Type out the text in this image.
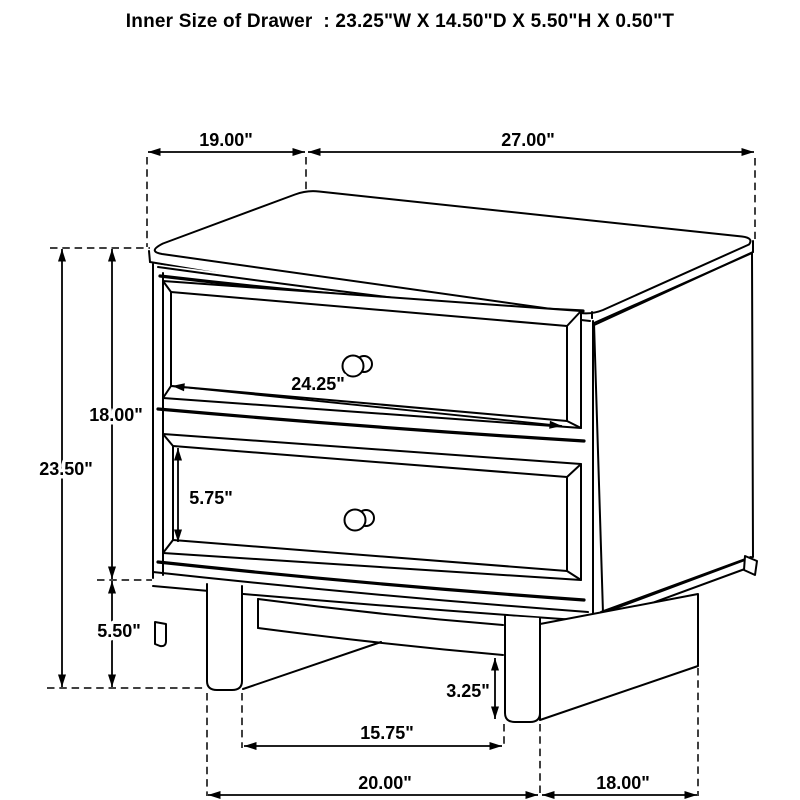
Inner Size of Drawer  : 23.25"W X 14.50"D X 5.50"H X 0.50"T
19.00"	27.00"
23.50"
18.00"
5.50"
24.25"
5.75"
3.25"
15.75"
20.00"	18.00"
